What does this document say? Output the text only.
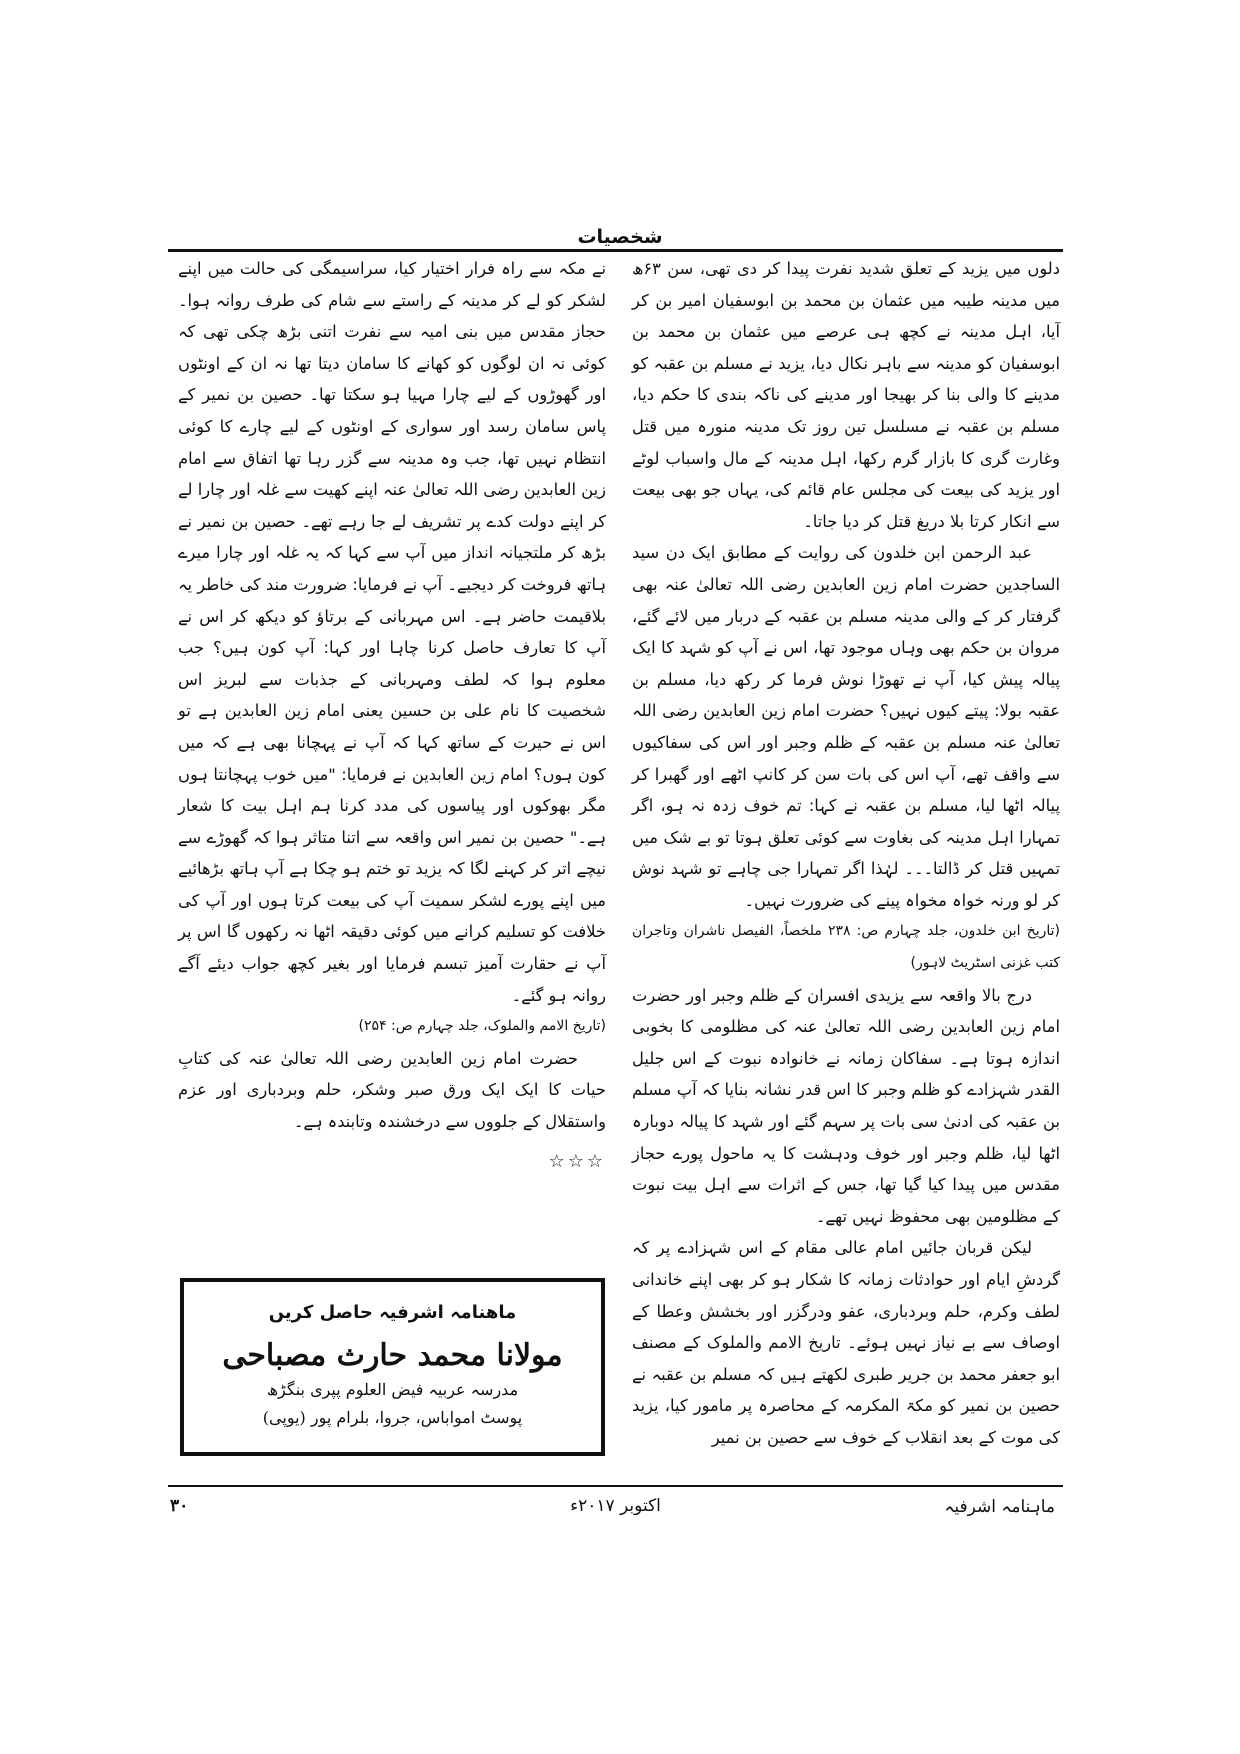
شخصیات

دلوں میں یزید کے تعلق شدید نفرت پیدا کر دی تھی، سن ۶۳ھ میں مدینہ طیبہ میں عثمان بن محمد بن ابوسفیان امیر بن کر آیا، اہل مدینہ نے کچھ ہی عرصے میں عثمان بن محمد بن ابوسفیان کو مدینہ سے باہر نکال دیا، یزید نے مسلم بن عقبہ کو مدینے کا والی بنا کر بھیجا اور مدینے کی ناکہ بندی کا حکم دیا، مسلم بن عقبہ نے مسلسل تین روز تک مدینہ منورہ میں قتل وغارت گری کا بازار گرم رکھا، اہل مدینہ کے مال واسباب لوٹے اور یزید کی بیعت کی مجلس عام قائم کی، یہاں جو بھی بیعت سے انکار کرتا بلا دریغ قتل کر دیا جاتا۔

عبد الرحمن ابن خلدون کی روایت کے مطابق ایک دن سید الساجدین حضرت امام زین العابدین رضی اللہ تعالیٰ عنہ بھی گرفتار کر کے والی مدینہ مسلم بن عقبہ کے دربار میں لائے گئے، مروان بن حکم بھی وہاں موجود تھا، اس نے آپ کو شہد کا ایک پیالہ پیش کیا، آپ نے تھوڑا نوش فرما کر رکھ دیا، مسلم بن عقبہ بولا: پیتے کیوں نہیں؟ حضرت امام زین العابدین رضی اللہ تعالیٰ عنہ مسلم بن عقبہ کے ظلم وجبر اور اس کی سفاکیوں سے واقف تھے، آپ اس کی بات سن کر کانپ اٹھے اور گھبرا کر پیالہ اٹھا لیا، مسلم بن عقبہ نے کہا: تم خوف زدہ نہ ہو، اگر تمہارا اہل مدینہ کی بغاوت سے کوئی تعلق ہوتا تو بے شک میں تمہیں قتل کر ڈالتا۔۔۔ لہٰذا اگر تمہارا جی چاہے تو شہد نوش کر لو ورنہ خواہ مخواہ پینے کی ضرورت نہیں۔

(تاریخ ابن خلدون، جلد چہارم ص: ۲۳۸ ملخصاً، الفیصل ناشران وتاجران کتب غزنی اسٹریٹ لاہور)

درج بالا واقعہ سے یزیدی افسران کے ظلم وجبر اور حضرت امام زین العابدین رضی اللہ تعالیٰ عنہ کی مظلومی کا بخوبی اندازہ ہوتا ہے۔ سفاکان زمانہ نے خانوادہ نبوت کے اس جلیل القدر شہزادے کو ظلم وجبر کا اس قدر نشانہ بنایا کہ آپ مسلم بن عقبہ کی ادنیٰ سی بات پر سہم گئے اور شہد کا پیالہ دوبارہ اٹھا لیا، ظلم وجبر اور خوف ودہشت کا یہ ماحول پورے حجاز مقدس میں پیدا کیا گیا تھا، جس کے اثرات سے اہل بیت نبوت کے مظلومین بھی محفوظ نہیں تھے۔

لیکن قربان جائیں امام عالی مقام کے اس شہزادے پر کہ گردشِ ایام اور حوادثات زمانہ کا شکار ہو کر بھی اپنے خاندانی لطف وکرم، حلم وبردباری، عفو ودرگزر اور بخشش وعطا کے اوصاف سے بے نیاز نہیں ہوئے۔ تاریخ الامم والملوک کے مصنف ابو جعفر محمد بن جریر طبری لکھتے ہیں کہ مسلم بن عقبہ نے حصین بن نمیر کو مکۃ المکرمہ کے محاصرہ پر مامور کیا، یزید کی موت کے بعد انقلاب کے خوف سے حصین بن نمیر

نے مکہ سے راہ فرار اختیار کیا، سراسیمگی کی حالت میں اپنے لشکر کو لے کر مدینہ کے راستے سے شام کی طرف روانہ ہوا۔ حجاز مقدس میں بنی امیہ سے نفرت اتنی بڑھ چکی تھی کہ کوئی نہ ان لوگوں کو کھانے کا سامان دیتا تھا نہ ان کے اونٹوں اور گھوڑوں کے لیے چارا مہیا ہو سکتا تھا۔ حصین بن نمیر کے پاس سامان رسد اور سواری کے اونٹوں کے لیے چارے کا کوئی انتظام نہیں تھا، جب وہ مدینہ سے گزر رہا تھا اتفاق سے امام زین العابدین رضی اللہ تعالیٰ عنہ اپنے کھیت سے غلہ اور چارا لے کر اپنے دولت کدے پر تشریف لے جا رہے تھے۔ حصین بن نمیر نے بڑھ کر ملتجیانہ انداز میں آپ سے کہا کہ یہ غلہ اور چارا میرے ہاتھ فروخت کر دیجیے۔ آپ نے فرمایا: ضرورت مند کی خاطر یہ بلاقیمت حاضر ہے۔ اس مہربانی کے برتاؤ کو دیکھ کر اس نے آپ کا تعارف حاصل کرنا چاہا اور کہا: آپ کون ہیں؟ جب معلوم ہوا کہ لطف ومہربانی کے جذبات سے لبریز اس شخصیت کا نام علی بن حسین یعنی امام زین العابدین ہے تو اس نے حیرت کے ساتھ کہا کہ آپ نے پہچانا بھی ہے کہ میں کون ہوں؟ امام زین العابدین نے فرمایا: "میں خوب پہچانتا ہوں مگر بھوکوں اور پیاسوں کی مدد کرنا ہم اہل بیت کا شعار ہے۔" حصین بن نمیر اس واقعہ سے اتنا متاثر ہوا کہ گھوڑے سے نیچے اتر کر کہنے لگا کہ یزید تو ختم ہو چکا ہے آپ ہاتھ بڑھائیے میں اپنے پورے لشکر سمیت آپ کی بیعت کرتا ہوں اور آپ کی خلافت کو تسلیم کرانے میں کوئی دقیقہ اٹھا نہ رکھوں گا اس پر آپ نے حقارت آمیز تبسم فرمایا اور بغیر کچھ جواب دیئے آگے روانہ ہو گئے۔

(تاریخ الامم والملوک، جلد چہارم ص: ۲۵۴)

حضرت امام زین العابدین رضی اللہ تعالیٰ عنہ کی کتابِ حیات کا ایک ایک ورق صبر وشکر، حلم وبردباری اور عزم واستقلال کے جلووں سے درخشندہ وتابندہ ہے۔

☆☆☆
ماھنامہ اشرفیہ حاصل کریں
مولانا محمد حارث مصباحی
مدرسہ عربیہ فیض العلوم پپری بنگڑھ
پوسٹ امواباس، جروا، بلرام پور (یوپی)
ماہنامہ اشرفیہ
اکتوبر ۲۰۱۷ء
۳۰
